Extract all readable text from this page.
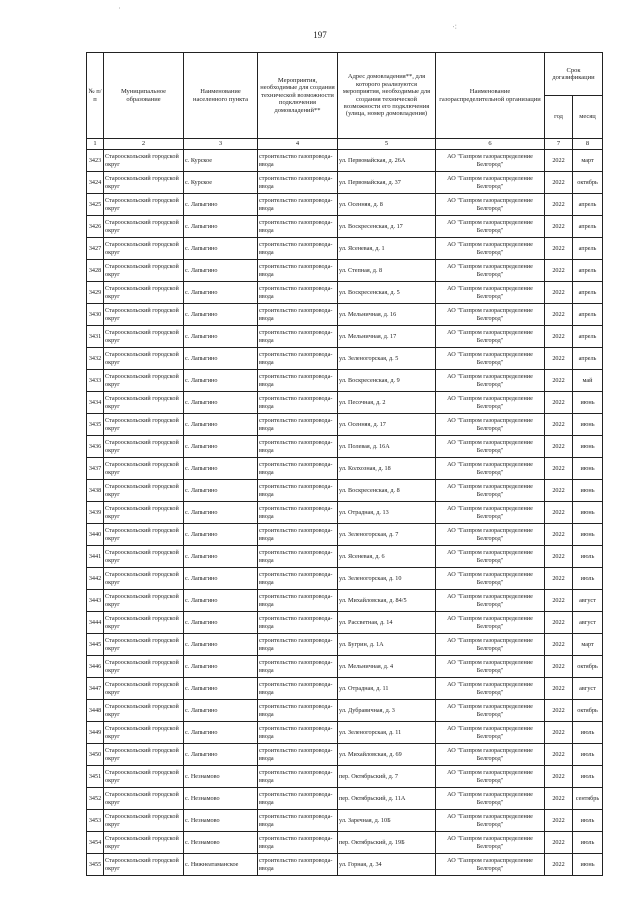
˙
⁖
197
№ п/п	Муниципальное образование	Наименование населенного пункта	Мероприятия, необходимые для создания технической возможности подключения домовладений**	Адрес домовладения**, для которого реализуются мероприятия, необходимые для создания технической возможности его подключения (улица, номер домовладения)	Наименование газораспределительной организации	Срок догазификации	
						год	месяц
1	2	3	4	5	6	7	8
3423	Старооскольский городской округ	с. Курское	строительство газопровода-ввода	ул. Первомайская, д. 26А	АО "Газпром газораспределение Белгород"	2022	март
3424	Старооскольский городской округ	с. Курское	строительство газопровода-ввода	ул. Первомайская, д. 37	АО "Газпром газораспределение Белгород"	2022	октябрь
3425	Старооскольский городской округ	с. Лапыгино	строительство газопровода-ввода	ул. Осенняя, д. 8	АО "Газпром газораспределение Белгород"	2022	апрель
3426	Старооскольский городской округ	с. Лапыгино	строительство газопровода-ввода	ул. Воскресенская, д. 17	АО "Газпром газораспределение Белгород"	2022	апрель
3427	Старооскольский городской округ	с. Лапыгино	строительство газопровода-ввода	ул. Ясеневая, д. 1	АО "Газпром газораспределение Белгород"	2022	апрель
3428	Старооскольский городской округ	с. Лапыгино	строительство газопровода-ввода	ул. Степная, д. 8	АО "Газпром газораспределение Белгород"	2022	апрель
3429	Старооскольский городской округ	с. Лапыгино	строительство газопровода-ввода	ул. Воскресенская, д. 5	АО "Газпром газораспределение Белгород"	2022	апрель
3430	Старооскольский городской округ	с. Лапыгино	строительство газопровода-ввода	ул. Мельничная, д. 16	АО "Газпром газораспределение Белгород"	2022	апрель
3431	Старооскольский городской округ	с. Лапыгино	строительство газопровода-ввода	ул. Мельничная, д. 17	АО "Газпром газораспределение Белгород"	2022	апрель
3432	Старооскольский городской округ	с. Лапыгино	строительство газопровода-ввода	ул. Зеленогорская, д. 5	АО "Газпром газораспределение Белгород"	2022	апрель
3433	Старооскольский городской округ	с. Лапыгино	строительство газопровода-ввода	ул. Воскресенская, д. 9	АО "Газпром газораспределение Белгород"	2022	май
3434	Старооскольский городской округ	с. Лапыгино	строительство газопровода-ввода	ул. Песочная, д. 2	АО "Газпром газораспределение Белгород"	2022	июнь
3435	Старооскольский городской округ	с. Лапыгино	строительство газопровода-ввода	ул. Осенняя, д. 17	АО "Газпром газораспределение Белгород"	2022	июнь
3436	Старооскольский городской округ	с. Лапыгино	строительство газопровода-ввода	ул. Полевая, д. 16А	АО "Газпром газораспределение Белгород"	2022	июнь
3437	Старооскольский городской округ	с. Лапыгино	строительство газопровода-ввода	ул. Колхозная, д. 18	АО "Газпром газораспределение Белгород"	2022	июнь
3438	Старооскольский городской округ	с. Лапыгино	строительство газопровода-ввода	ул. Воскресенская, д. 8	АО "Газпром газораспределение Белгород"	2022	июнь
3439	Старооскольский городской округ	с. Лапыгино	строительство газопровода-ввода	ул. Отрадная, д. 13	АО "Газпром газораспределение Белгород"	2022	июнь
3440	Старооскольский городской округ	с. Лапыгино	строительство газопровода-ввода	ул. Зеленогорская, д. 7	АО "Газпром газораспределение Белгород"	2022	июнь
3441	Старооскольский городской округ	с. Лапыгино	строительство газопровода-ввода	ул. Ясеневая, д. 6	АО "Газпром газораспределение Белгород"	2022	июль
3442	Старооскольский городской округ	с. Лапыгино	строительство газопровода-ввода	ул. Зеленогорская, д. 10	АО "Газпром газораспределение Белгород"	2022	июль
3443	Старооскольский городской округ	с. Лапыгино	строительство газопровода-ввода	ул. Михайловская, д. 84/5	АО "Газпром газораспределение Белгород"	2022	август
3444	Старооскольский городской округ	с. Лапыгино	строительство газопровода-ввода	ул. Рассветная, д. 14	АО "Газпром газораспределение Белгород"	2022	август
3445	Старооскольский городской округ	с. Лапыгино	строительство газопровода-ввода	ул. Бугрин, д. 1А	АО "Газпром газораспределение Белгород"	2022	март
3446	Старооскольский городской округ	с. Лапыгино	строительство газопровода-ввода	ул. Мельничная, д. 4	АО "Газпром газораспределение Белгород"	2022	октябрь
3447	Старооскольский городской округ	с. Лапыгино	строительство газопровода-ввода	ул. Отрадная, д. 11	АО "Газпром газораспределение Белгород"	2022	август
3448	Старооскольский городской округ	с. Лапыгино	строительство газопровода-ввода	ул. Дубравичная, д. 3	АО "Газпром газораспределение Белгород"	2022	октябрь
3449	Старооскольский городской округ	с. Лапыгино	строительство газопровода-ввода	ул. Зеленогорская, д. 11	АО "Газпром газораспределение Белгород"	2022	июль
3450	Старооскольский городской округ	с. Лапыгино	строительство газопровода-ввода	ул. Михайловская, д. 69	АО "Газпром газораспределение Белгород"	2022	июль
3451	Старооскольский городской округ	с. Незнамово	строительство газопровода-ввода	пер. Октябрьский, д. 7	АО "Газпром газораспределение Белгород"	2022	июль
3452	Старооскольский городской округ	с. Незнамово	строительство газопровода-ввода	пер. Октябрьский, д. 11А	АО "Газпром газораспределение Белгород"	2022	сентябрь
3453	Старооскольский городской округ	с. Незнамово	строительство газопровода-ввода	ул. Заречная, д. 10Б	АО "Газпром газораспределение Белгород"	2022	июль
3454	Старооскольский городской округ	с. Незнамово	строительство газопровода-ввода	пер. Октябрьский, д. 19Б	АО "Газпром газораспределение Белгород"	2022	июль
3455	Старооскольский городской округ	с. Нижнеатаманское	строительство газопровода-ввода	ул. Горная, д. 34	АО "Газпром газораспределение Белгород"	2022	июнь
